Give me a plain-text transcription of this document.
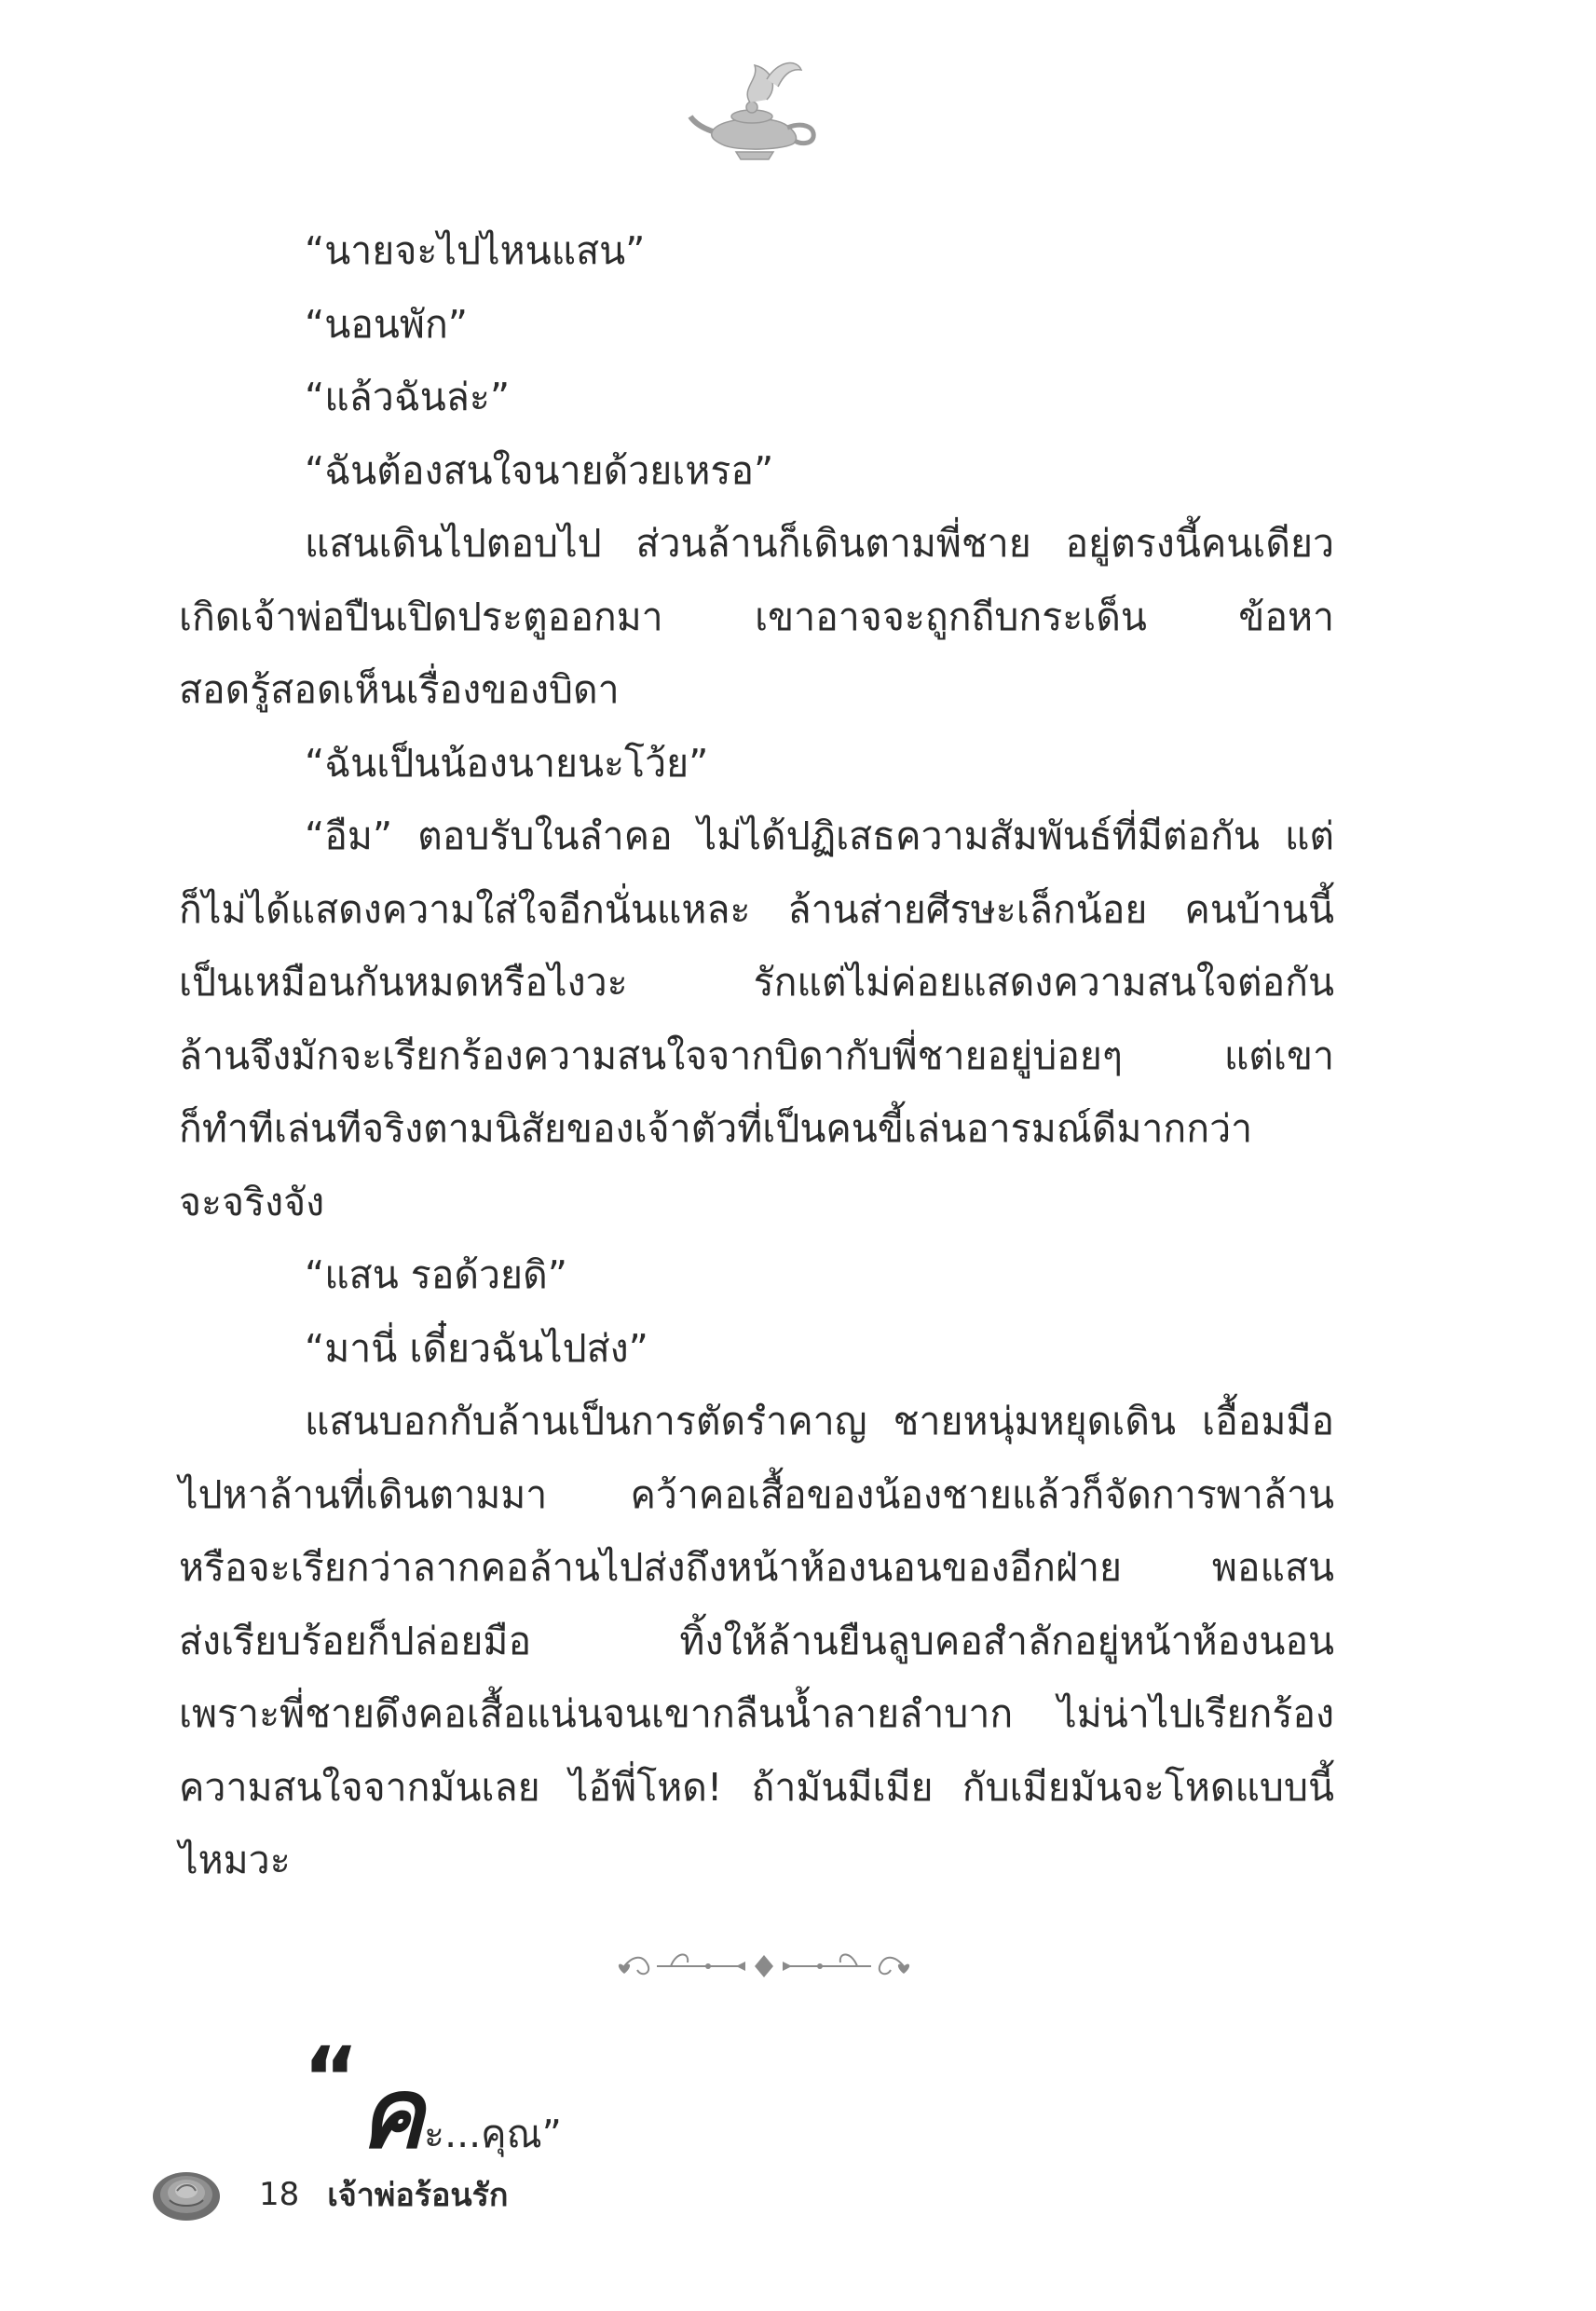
“นายจะไปไหนแสน”
“นอนพัก”
“แล้วฉันล่ะ”
“ฉันต้องสนใจนายด้วยเหรอ”
แสนเดินไปตอบไป ส่วนล้านก็เดินตามพี่ชาย อยู่ตรงนี้คนเดียว
เกิดเจ้าพ่อปืนเปิดประตูออกมา เขาอาจจะถูกถีบกระเด็น ข้อหา
สอดรู้สอดเห็นเรื่องของบิดา
“ฉันเป็นน้องนายนะโว้ย”
“อืม” ตอบรับในลำคอ ไม่ได้ปฏิเสธความสัมพันธ์ที่มีต่อกัน แต่
ก็ไม่ได้แสดงความใส่ใจอีกนั่นแหละ ล้านส่ายศีรษะเล็กน้อย คนบ้านนี้
เป็นเหมือนกันหมดหรือไงวะ รักแต่ไม่ค่อยแสดงความสนใจต่อกัน
ล้านจึงมักจะเรียกร้องความสนใจจากบิดากับพี่ชายอยู่บ่อยๆ แต่เขา
ก็ทำทีเล่นทีจริงตามนิสัยของเจ้าตัวที่เป็นคนขี้เล่นอารมณ์ดีมากกว่า
จะจริงจัง
“แสน รอด้วยดิ”
“มานี่ เดี๋ยวฉันไปส่ง”
แสนบอกกับล้านเป็นการตัดรำคาญ ชายหนุ่มหยุดเดิน เอื้อมมือ
ไปหาล้านที่เดินตามมา คว้าคอเสื้อของน้องชายแล้วก็จัดการพาล้าน
หรือจะเรียกว่าลากคอล้านไปส่งถึงหน้าห้องนอนของอีกฝ่าย พอแสน
ส่งเรียบร้อยก็ปล่อยมือ ทิ้งให้ล้านยืนลูบคอสำลักอยู่หน้าห้องนอน
เพราะพี่ชายดึงคอเสื้อแน่นจนเขากลืนน้ำลายลำบาก ไม่น่าไปเรียกร้อง
ความสนใจจากมันเลย ไอ้พี่โหด! ถ้ามันมีเมีย กับเมียมันจะโหดแบบนี้
ไหมวะ
“คะ...คุณ”
18 เจ้าพ่อร้อนรัก
